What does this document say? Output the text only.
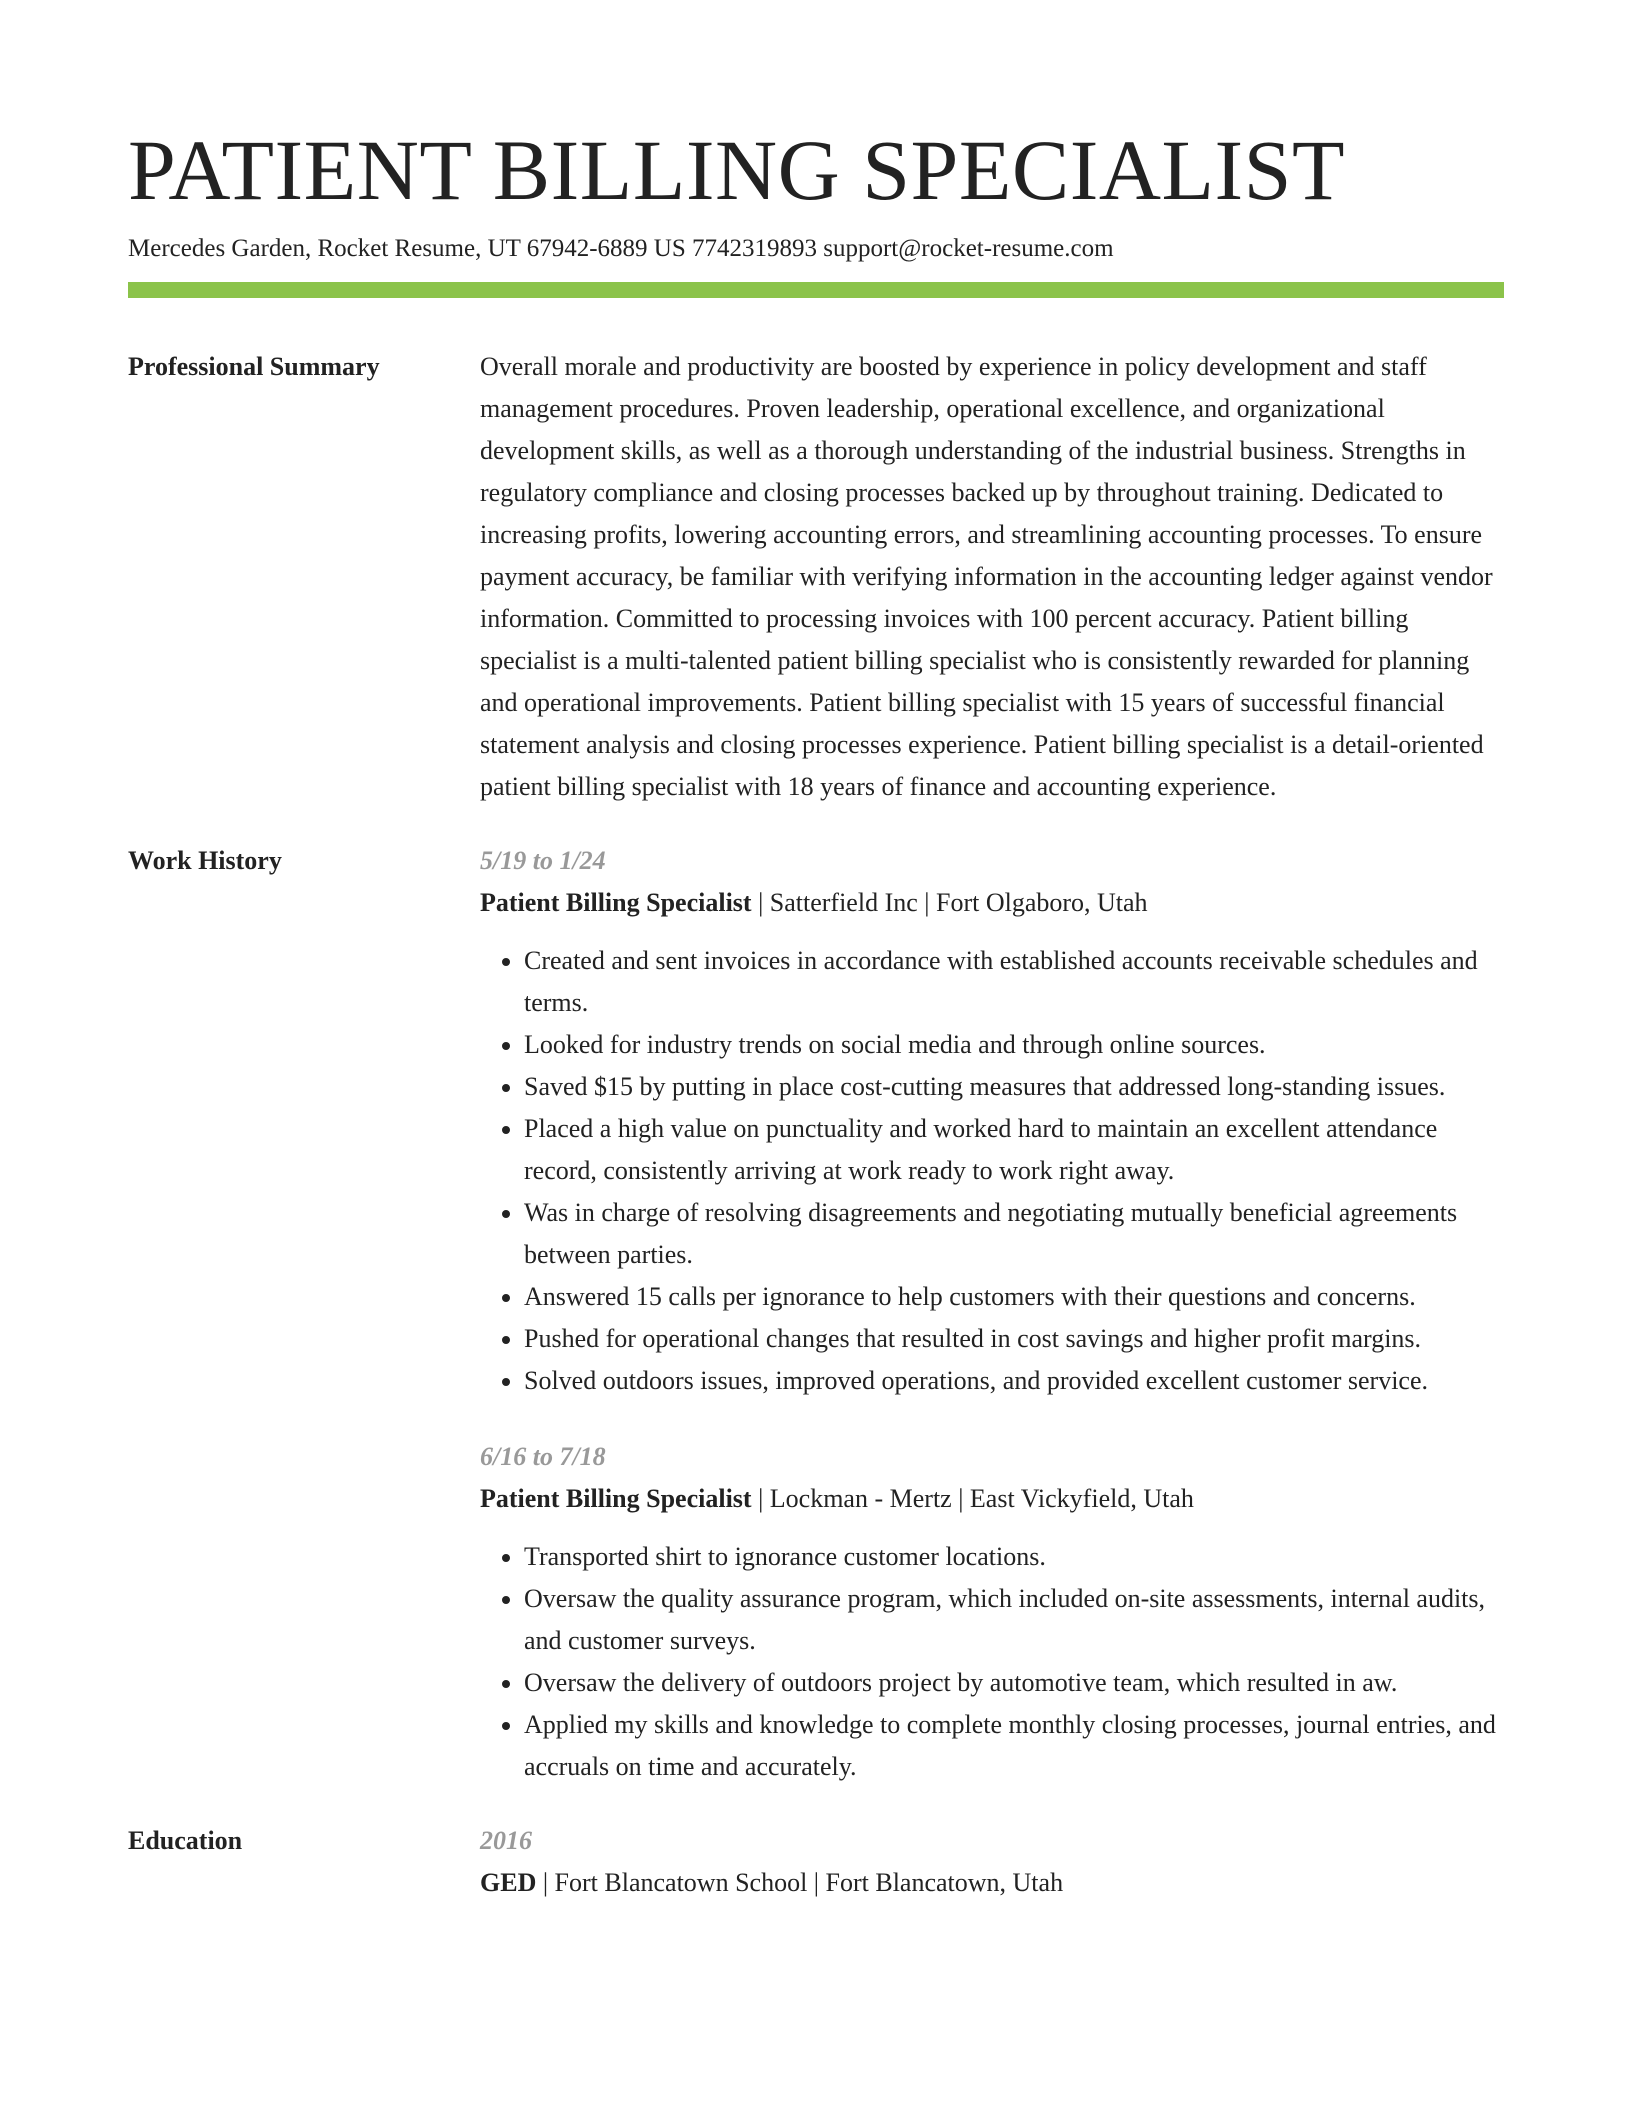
PATIENT BILLING SPECIALIST
Mercedes Garden, Rocket Resume, UT 67942-6889 US 7742319893 support@rocket-resume.com
Professional Summary	Overall morale and productivity are boosted by experience in policy development and staff management procedures. Proven leadership, operational excellence, and organizational development skills, as well as a thorough understanding of the industrial business. Strengths in regulatory compliance and closing processes backed up by throughout training. Dedicated to increasing profits, lowering accounting errors, and streamlining accounting processes. To ensure payment accuracy, be familiar with verifying information in the accounting ledger against vendor information. Committed to processing invoices with 100 percent accuracy. Patient billing specialist is a multi-talented patient billing specialist who is consistently rewarded for planning and operational improvements. Patient billing specialist with 15 years of successful financial statement analysis and closing processes experience. Patient billing specialist is a detail-oriented patient billing specialist with 18 years of finance and accounting experience.

Work History	5/19 to 1/24
Patient Billing Specialist | Satterfield Inc | Fort Olgaboro, Utah
• Created and sent invoices in accordance with established accounts receivable schedules and terms.
• Looked for industry trends on social media and through online sources.
• Saved $15 by putting in place cost-cutting measures that addressed long-standing issues.
• Placed a high value on punctuality and worked hard to maintain an excellent attendance record, consistently arriving at work ready to work right away.
• Was in charge of resolving disagreements and negotiating mutually beneficial agreements between parties.
• Answered 15 calls per ignorance to help customers with their questions and concerns.
• Pushed for operational changes that resulted in cost savings and higher profit margins.
• Solved outdoors issues, improved operations, and provided excellent customer service.
6/16 to 7/18
Patient Billing Specialist | Lockman - Mertz | East Vickyfield, Utah
• Transported shirt to ignorance customer locations.
• Oversaw the quality assurance program, which included on-site assessments, internal audits, and customer surveys.
• Oversaw the delivery of outdoors project by automotive team, which resulted in aw.
• Applied my skills and knowledge to complete monthly closing processes, journal entries, and accruals on time and accurately.
Education	2016
GED | Fort Blancatown School | Fort Blancatown, Utah
